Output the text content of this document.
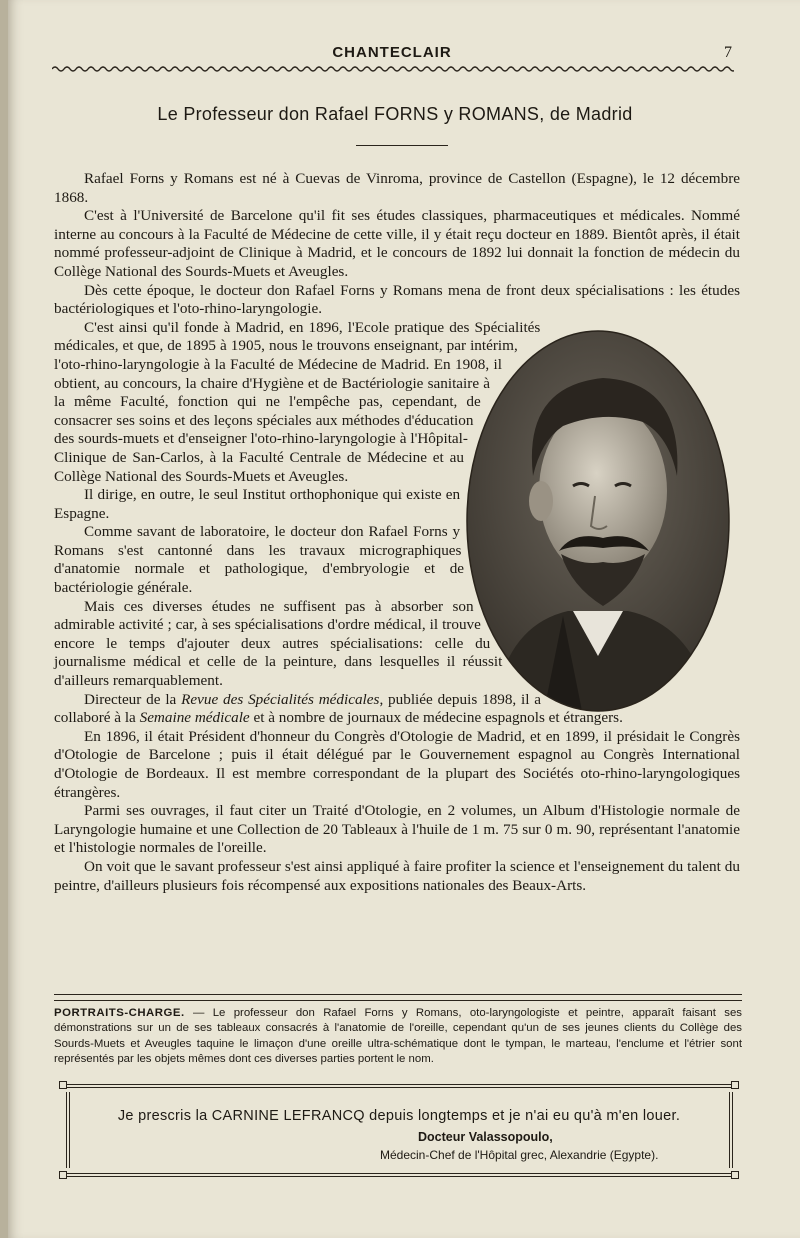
CHANTECLAIR	7
Le Professeur don Rafael FORNS y ROMANS, de Madrid

Rafael Forns y Romans est né à Cuevas de Vinroma, province de Castellon (Espagne), le 12 décembre 1868.

C'est à l'Université de Barcelone qu'il fit ses études classiques, pharmaceutiques et médicales. Nommé interne au concours à la Faculté de Médecine de cette ville, il y était reçu docteur en 1889. Bientôt après, il était nommé professeur-adjoint de Clinique à Madrid, et le concours de 1892 lui donnait la fonction de médecin du Collège National des Sourds-Muets et Aveugles.

Dès cette époque, le docteur don Rafael Forns y Romans mena de front deux spécialisations : les études bactériologiques et l'oto-rhino-laryngologie.

C'est ainsi qu'il fonde à Madrid, en 1896, l'Ecole pratique des Spécialités médicales, et que, de 1895 à 1905, nous le trouvons enseignant, par intérim, l'oto-rhino-laryngologie à la Faculté de Médecine de Madrid. En 1908, il obtient, au concours, la chaire d'Hygiène et de Bactériologie sanitaire à la même Faculté, fonction qui ne l'empêche pas, cependant, de consacrer ses soins et des leçons spéciales aux méthodes d'éducation des sourds-muets et d'enseigner l'oto-rhino-laryngologie à l'Hôpital-Clinique de San-Carlos, à la Faculté Centrale de Médecine et au Collège National des Sourds-Muets et Aveugles.

Il dirige, en outre, le seul Institut orthophonique qui existe en Espagne.

Comme savant de laboratoire, le docteur don Rafael Forns y Romans s'est cantonné dans les travaux micrographiques d'anatomie normale et pathologique, d'embryologie et de bactériologie générale.

Mais ces diverses études ne suffisent pas à absorber son admirable activité ; car, à ses spécialisations d'ordre médical, il trouve encore le temps d'ajouter deux autres spécialisations: celle du journalisme médical et celle de la peinture, dans lesquelles il réussit d'ailleurs remarquablement.

Directeur de la Revue des Spécialités médicales, publiée depuis 1898, il a collaboré à la Semaine médicale et à nombre de journaux de médecine espagnols et étrangers.

En 1896, il était Président d'honneur du Congrès d'Otologie de Madrid, et en 1899, il présidait le Congrès d'Otologie de Barcelone ; puis il était délégué par le Gouvernement espagnol au Congrès International d'Otologie de Bordeaux. Il est membre correspondant de la plupart des Sociétés oto-rhino-laryngologiques étrangères.

Parmi ses ouvrages, il faut citer un Traité d'Otologie, en 2 volumes, un Album d'Histologie normale de Laryngologie humaine et une Collection de 20 Tableaux à l'huile de 1 m. 75 sur 0 m. 90, représentant l'anatomie et l'histologie normales de l'oreille.

On voit que le savant professeur s'est ainsi appliqué à faire profiter la science et l'enseignement du talent du peintre, d'ailleurs plusieurs fois récompensé aux expositions nationales des Beaux-Arts.

PORTRAITS-CHARGE. — Le professeur don Rafael Forns y Romans, oto-laryngologiste et peintre, apparaît faisant ses démonstrations sur un de ses tableaux consacrés à l'anatomie de l'oreille, cependant qu'un de ses jeunes clients du Collège des Sourds-Muets et Aveugles taquine le limaçon d'une oreille ultra-schématique dont le tympan, le marteau, l'enclume et l'étrier sont représentés par les objets mêmes dont ces diverses parties portent le nom.
Je prescris la CARNINE LEFRANCQ depuis longtemps et je n'ai eu qu'à m'en louer.
Docteur Valassopoulo,
Médecin-Chef de l'Hôpital grec, Alexandrie (Egypte).
